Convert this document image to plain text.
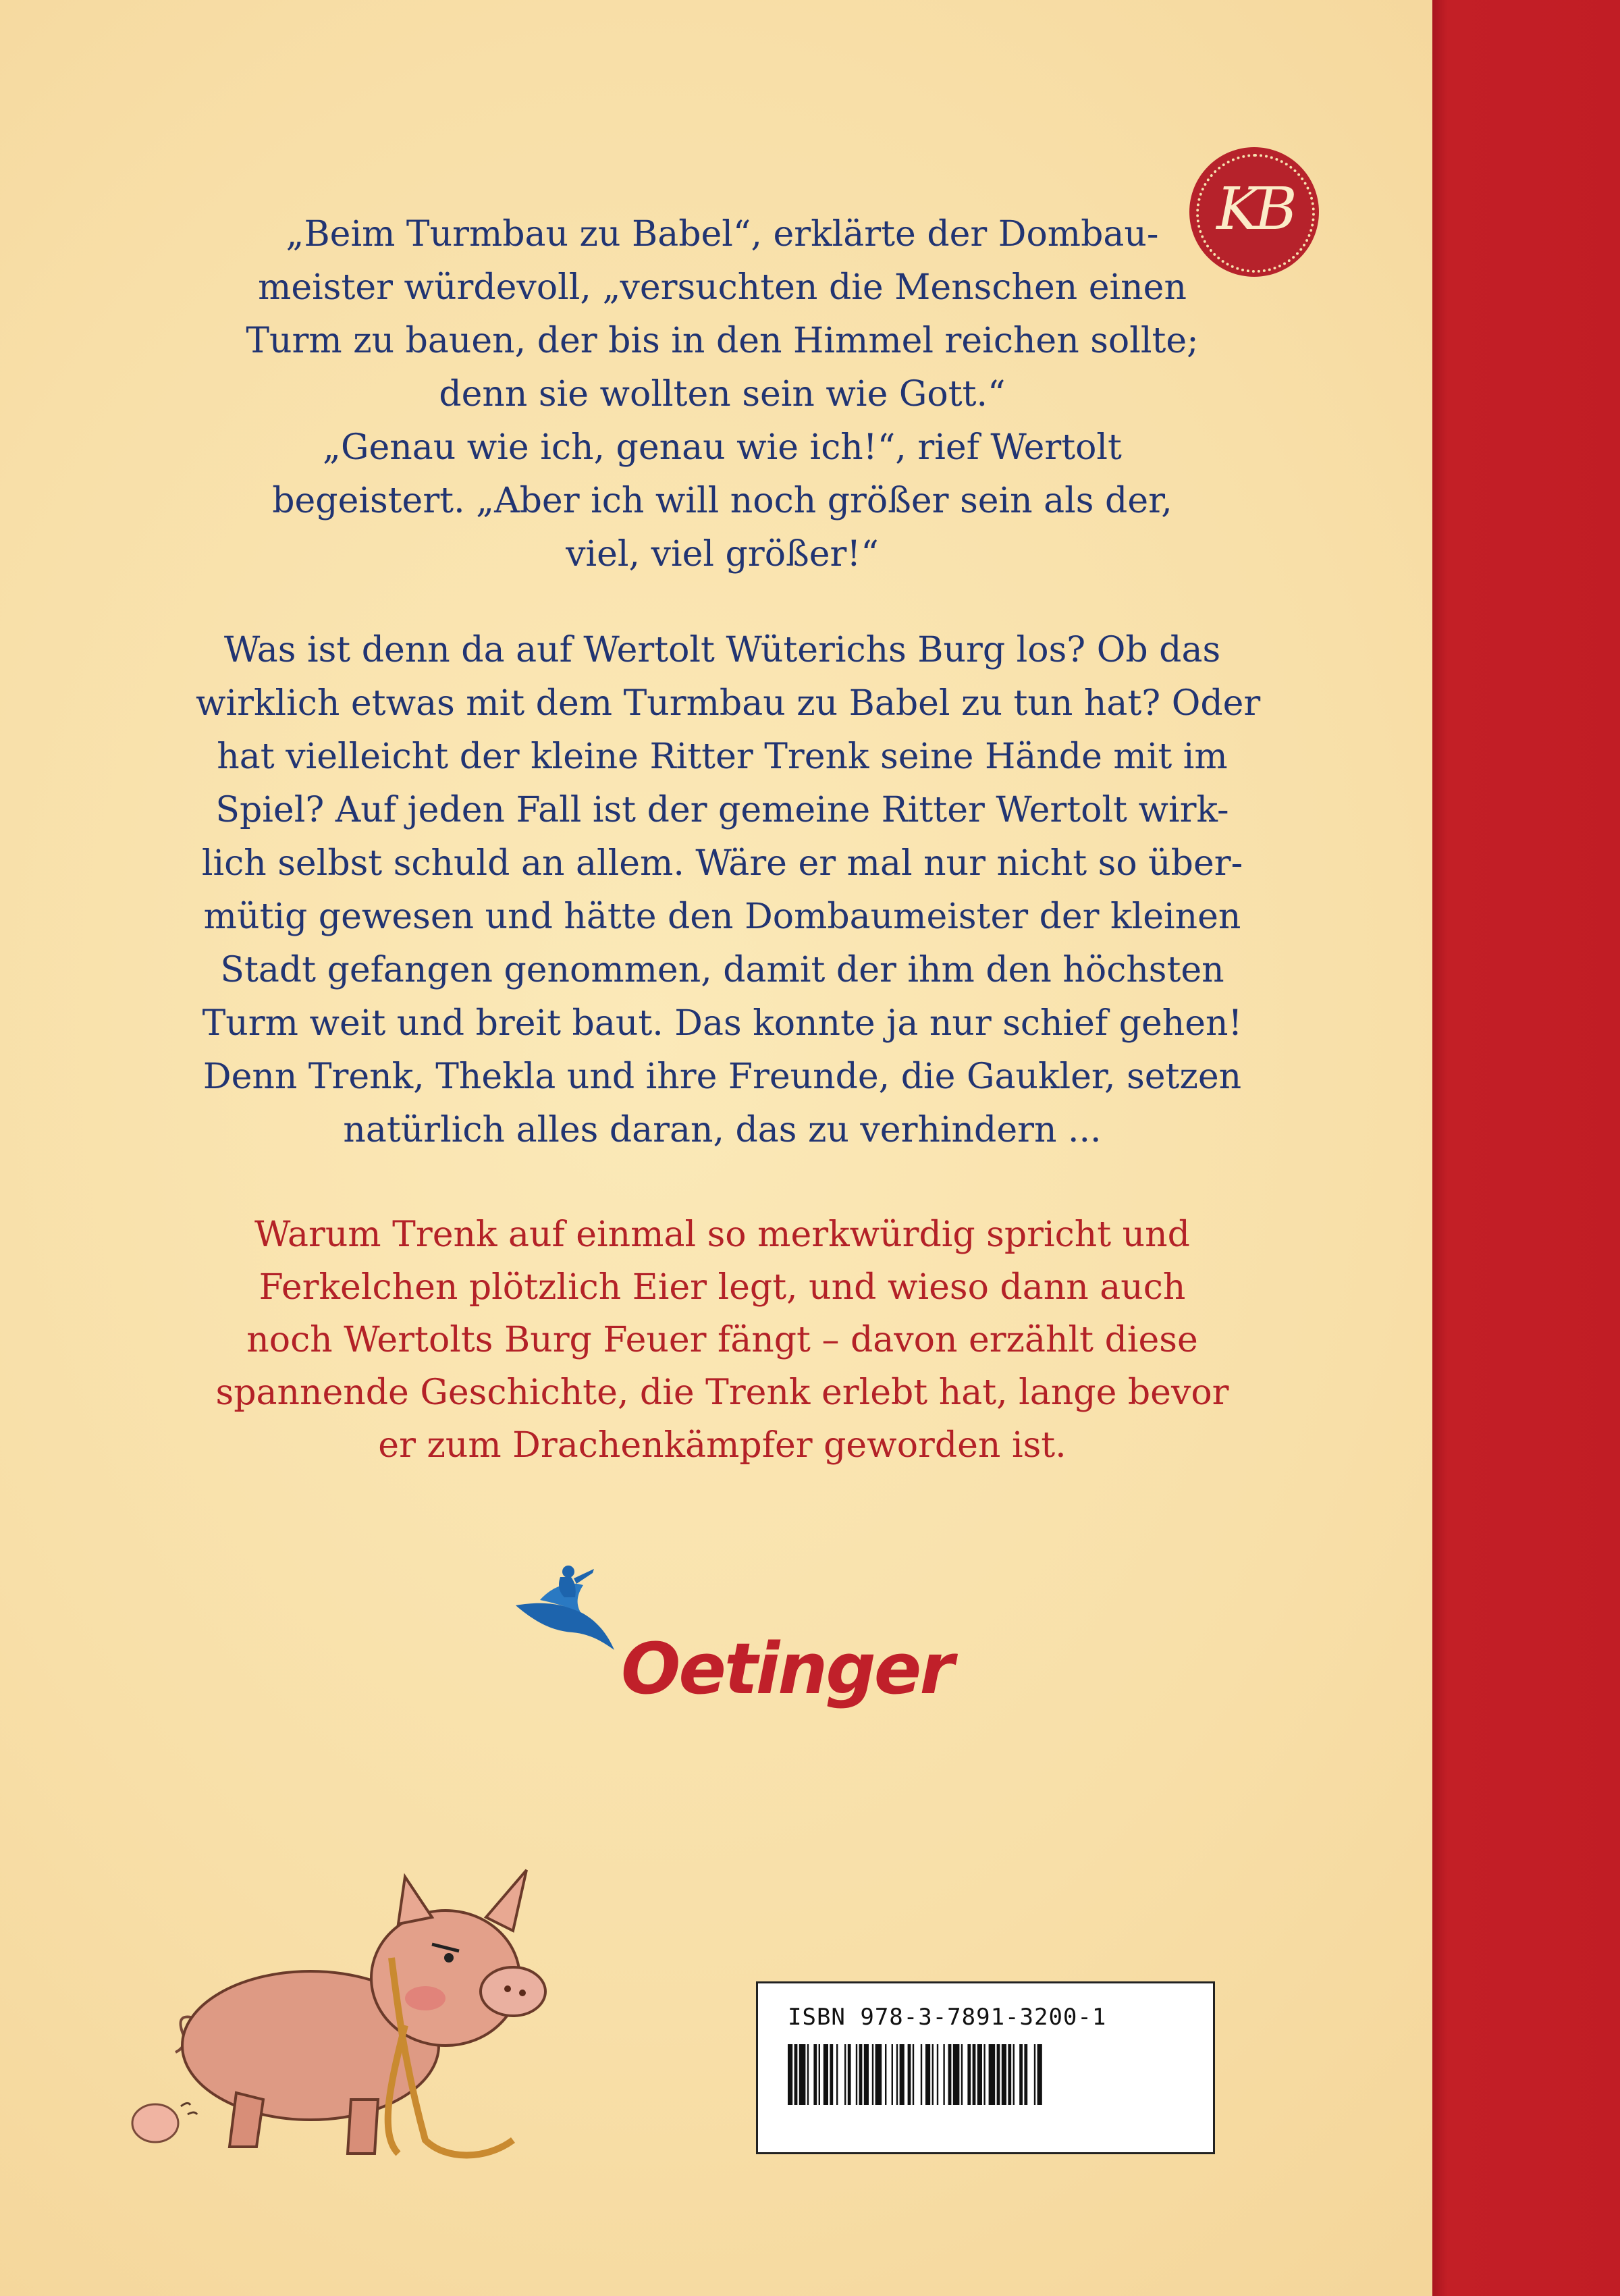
KB

„Beim Turmbau zu Babel“, erklärte der Dombau-
meister würdevoll, „versuchten die Menschen einen
Turm zu bauen, der bis in den Himmel reichen sollte;
denn sie wollten sein wie Gott.“
„Genau wie ich, genau wie ich!“, rief Wertolt
begeistert. „Aber ich will noch größer sein als der,
viel, viel größer!“

Was ist denn da auf Wertolt Wüterichs Burg los? Ob das
wirklich etwas mit dem Turmbau zu Babel zu tun hat? Oder
hat vielleicht der kleine Ritter Trenk seine Hände mit im
Spiel? Auf jeden Fall ist der gemeine Ritter Wertolt wirk-
lich selbst schuld an allem. Wäre er mal nur nicht so über-
mütig gewesen und hätte den Dombaumeister der kleinen
Stadt gefangen genommen, damit der ihm den höchsten
Turm weit und breit baut. Das konnte ja nur schief gehen!
Denn Trenk, Thekla und ihre Freunde, die Gaukler, setzen
natürlich alles daran, das zu verhindern ...

Warum Trenk auf einmal so merkwürdig spricht und
Ferkelchen plötzlich Eier legt, und wieso dann auch
noch Wertolts Burg Feuer fängt – davon erzählt diese
spannende Geschichte, die Trenk erlebt hat, lange bevor
er zum Drachenkämpfer geworden ist.

Oetinger
ISBN 978-3-7891-3200-1
